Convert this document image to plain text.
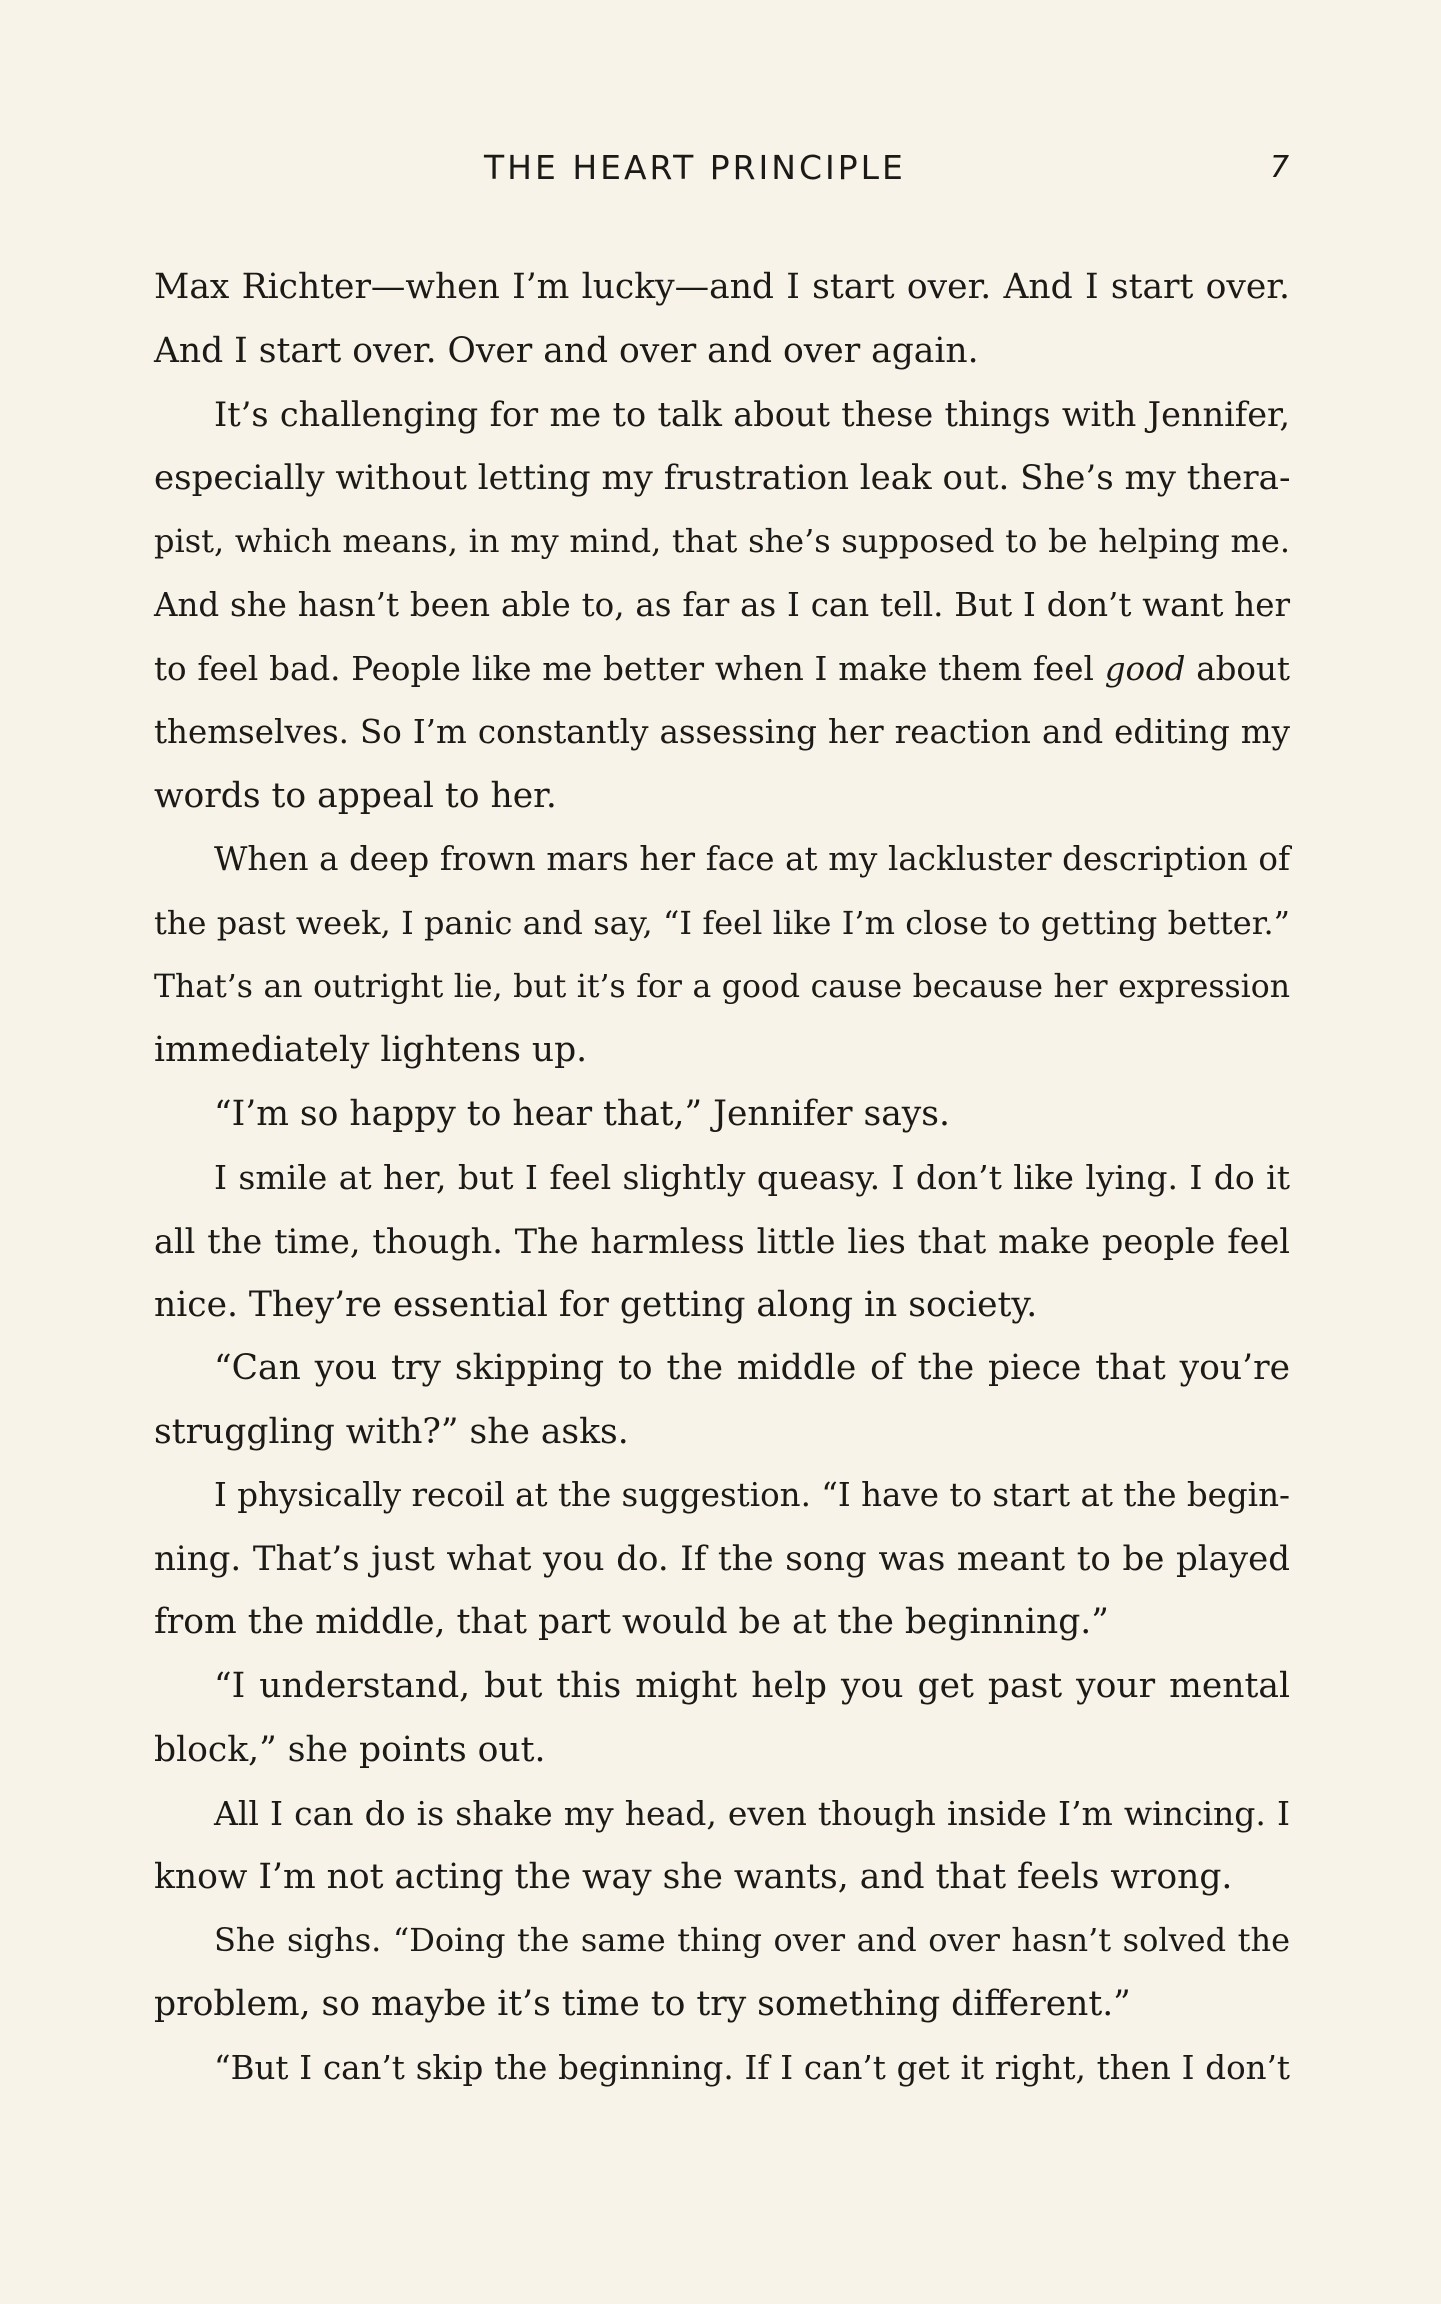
THE HEART PRINCIPLE	7
Max Richter—when I’m lucky—and I start over. And I start over.
And I start over. Over and over and over again.
It’s challenging for me to talk about these things with Jennifer,
especially without letting my frustration leak out. She’s my thera-
pist, which means, in my mind, that she’s supposed to be helping me.
And she hasn’t been able to, as far as I can tell. But I don’t want her
to feel bad. People like me better when I make them feel good about
themselves. So I’m constantly assessing her reaction and editing my
words to appeal to her.
When a deep frown mars her face at my lackluster description of
the past week, I panic and say, “I feel like I’m close to getting better.”
That’s an outright lie, but it’s for a good cause because her expression
immediately lightens up.
“I’m so happy to hear that,” Jennifer says.
I smile at her, but I feel slightly queasy. I don’t like lying. I do it
all the time, though. The harmless little lies that make people feel
nice. They’re essential for getting along in society.
“Can you try skipping to the middle of the piece that you’re
struggling with?” she asks.
I physically recoil at the suggestion. “I have to start at the begin-
ning. That’s just what you do. If the song was meant to be played
from the middle, that part would be at the beginning.”
“I understand, but this might help you get past your mental
block,” she points out.
All I can do is shake my head, even though inside I’m wincing. I
know I’m not acting the way she wants, and that feels wrong.
She sighs. “Doing the same thing over and over hasn’t solved the
problem, so maybe it’s time to try something different.”
“But I can’t skip the beginning. If I can’t get it right, then I don’t
